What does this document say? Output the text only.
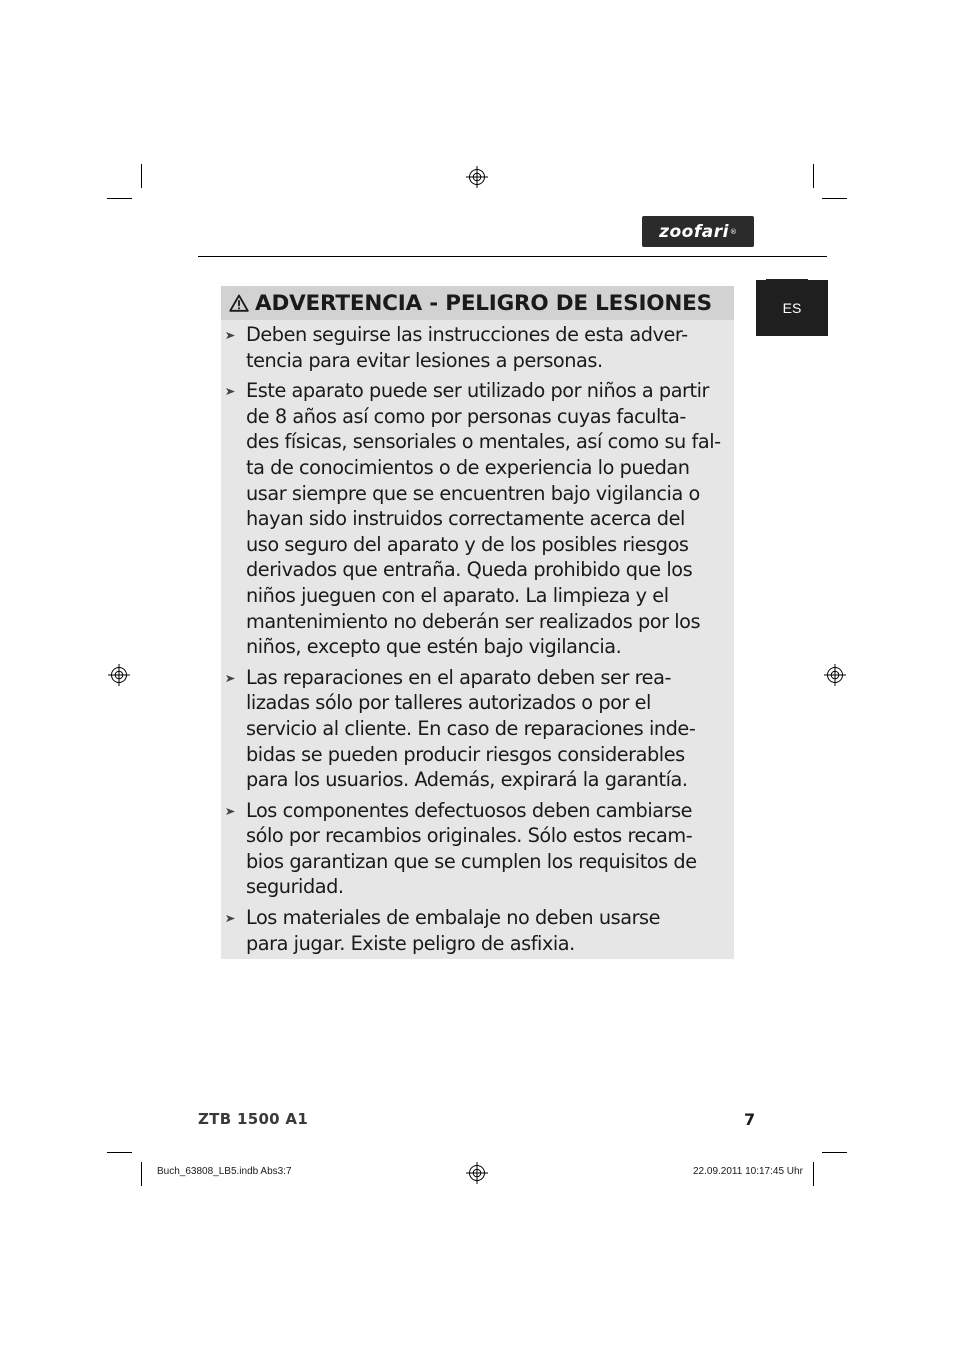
zoofari ®
ES
ADVERTENCIA - PELIGRO DE LESIONES
Deben seguirse las instrucciones de esta adver-
tencia para evitar lesiones a personas.
Este aparato puede ser utilizado por niños a partir
de 8 años así como por personas cuyas faculta-
des físicas, sensoriales o mentales, así como su fal-
ta de conocimientos o de experiencia lo puedan
usar siempre que se encuentren bajo vigilancia o
hayan sido instruidos correctamente acerca del
uso seguro del aparato y de los posibles riesgos
derivados que entraña. Queda prohibido que los
niños jueguen con el aparato. La limpieza y el
mantenimiento no deberán ser realizados por los
niños, excepto que estén bajo vigilancia.
Las reparaciones en el aparato deben ser rea-
lizadas sólo por talleres autorizados o por el
servicio al cliente. En caso de reparaciones inde-
bidas se pueden producir riesgos considerables
para los usuarios. Además, expirará la garantía.
Los componentes defectuosos deben cambiarse
sólo por recambios originales. Sólo estos recam-
bios garantizan que se cumplen los requisitos de
seguridad.
Los materiales de embalaje no deben usarse
para jugar. Existe peligro de asfixia.
ZTB 1500 A1	7
Buch_63808_LB5.indb Abs3:7	22.09.2011 10:17:45 Uhr
